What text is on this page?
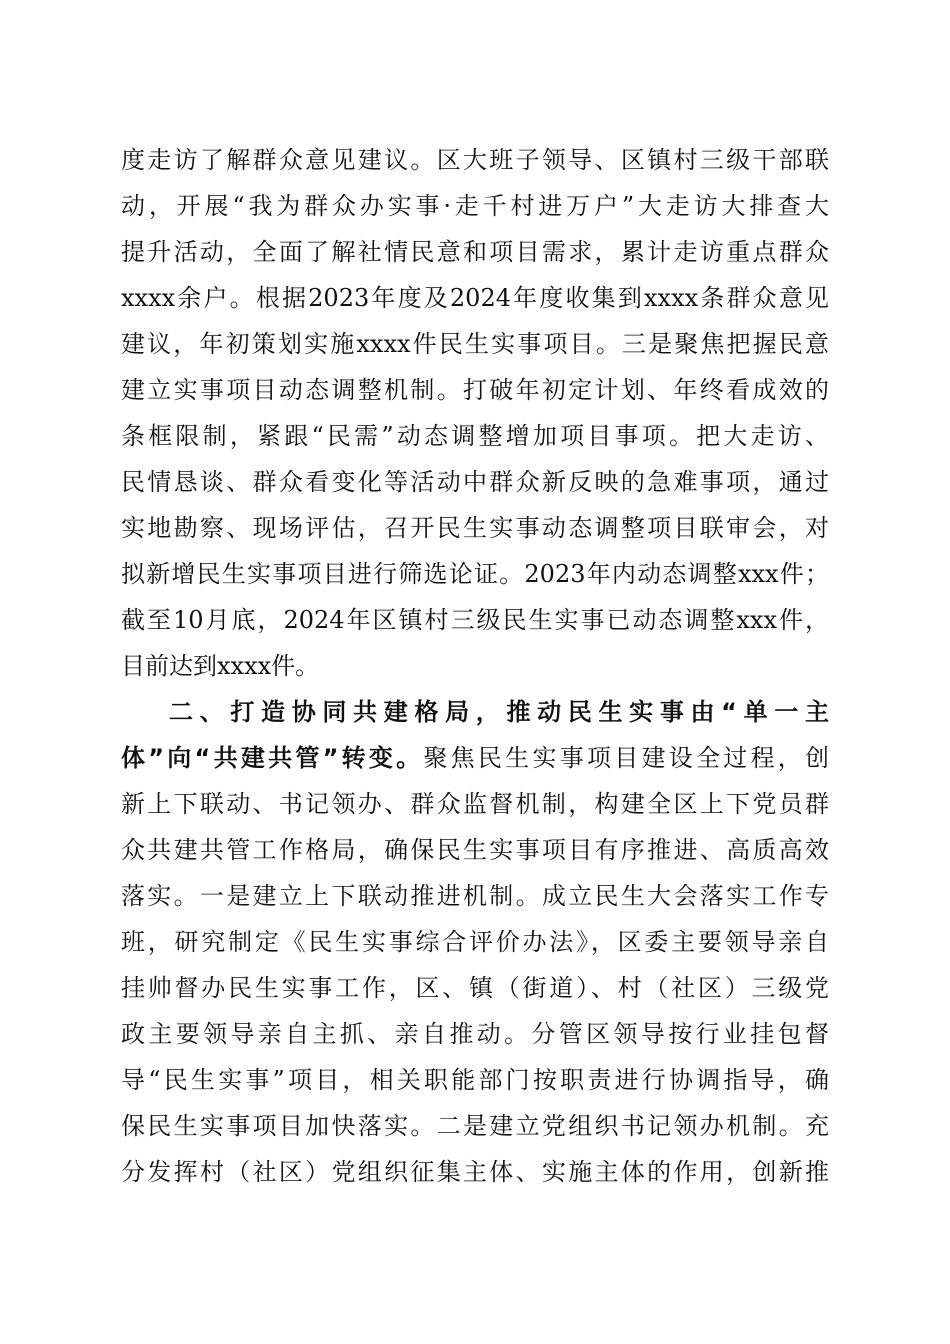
度走访了解群众意见建议。区大班子领导、区镇村三级干部联
动，开展“我为群众办实事·走千村进万户”大走访大排查大
提升活动，全面了解社情民意和项目需求，累计走访重点群众
xxxx余户。根据2023年度及2024年度收集到xxxx条群众意见
建议，年初策划实施xxxx件民生实事项目。三是聚焦把握民意
建立实事项目动态调整机制。打破年初定计划、年终看成效的
条框限制，紧跟“民需”动态调整增加项目事项。把大走访、
民情恳谈、群众看变化等活动中群众新反映的急难事项，通过
实地勘察、现场评估，召开民生实事动态调整项目联审会，对
拟新增民生实事项目进行筛选论证。2023年内动态调整xxx件；
截至10月底，2024年区镇村三级民生实事已动态调整xxx件，
目前达到xxxx件。
二、打造协同共建格局，推动民生实事由“单一主
体”向“共建共管”转变。聚焦民生实事项目建设全过程，创
新上下联动、书记领办、群众监督机制，构建全区上下党员群
众共建共管工作格局，确保民生实事项目有序推进、高质高效
落实。一是建立上下联动推进机制。成立民生大会落实工作专
班，研究制定《民生实事综合评价办法》，区委主要领导亲自
挂帅督办民生实事工作，区、镇（街道）、村（社区）三级党
政主要领导亲自主抓、亲自推动。分管区领导按行业挂包督
导“民生实事”项目，相关职能部门按职责进行协调指导，确
保民生实事项目加快落实。二是建立党组织书记领办机制。充
分发挥村（社区）党组织征集主体、实施主体的作用，创新推
